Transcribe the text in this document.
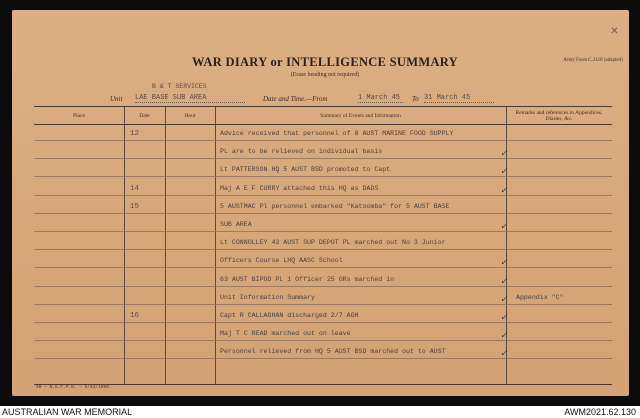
✕
WAR DIARY or INTELLIGENCE SUMMARY
(Erase heading not required)
Army Form C.2118 (adapted)
B & T SERVICES
Unit LAE BASE SUB AREA	Date and Time.—From	1 March 45	To 31 March 45
Place	Date	Hour	Summary of Events and Information	Remarks and references to Appendices, Diaries, &c.
12	Advice received that personnel of 8 AUST MARINE FOOD SUPPLY
PL are to be relieved on individual basis	✓
Lt PATTERSON HQ 5 AUST BSD promoted to Capt	✓
14	Maj A E F CURRY attached this HQ as DADS	✓
15	5 AUSTMAC Pl personnel embarked "Katoomba" for 5 AUST BASE
SUB AREA	✓
Lt CONNOLLEY 43 AUST SUP DEPOT PL marched out No 3 Junior
Officers Course LHQ AASC School	✓
63 AUST BIPOD PL 1 Officer 25 ORs marched in	✓
Unit Information Summary	✓ Appendix "C"
16	Capt R CALLAGHAN discharged 2/7 AGH	✓
Maj T C READ marched out on leave	✓
Personnel relieved from HQ 5 AUST BSD marched out to AUST	✓
60 — N.G.F.P.B. — 5/44/1000.
AUSTRALIAN WAR MEMORIAL	AWM2021.62.130
